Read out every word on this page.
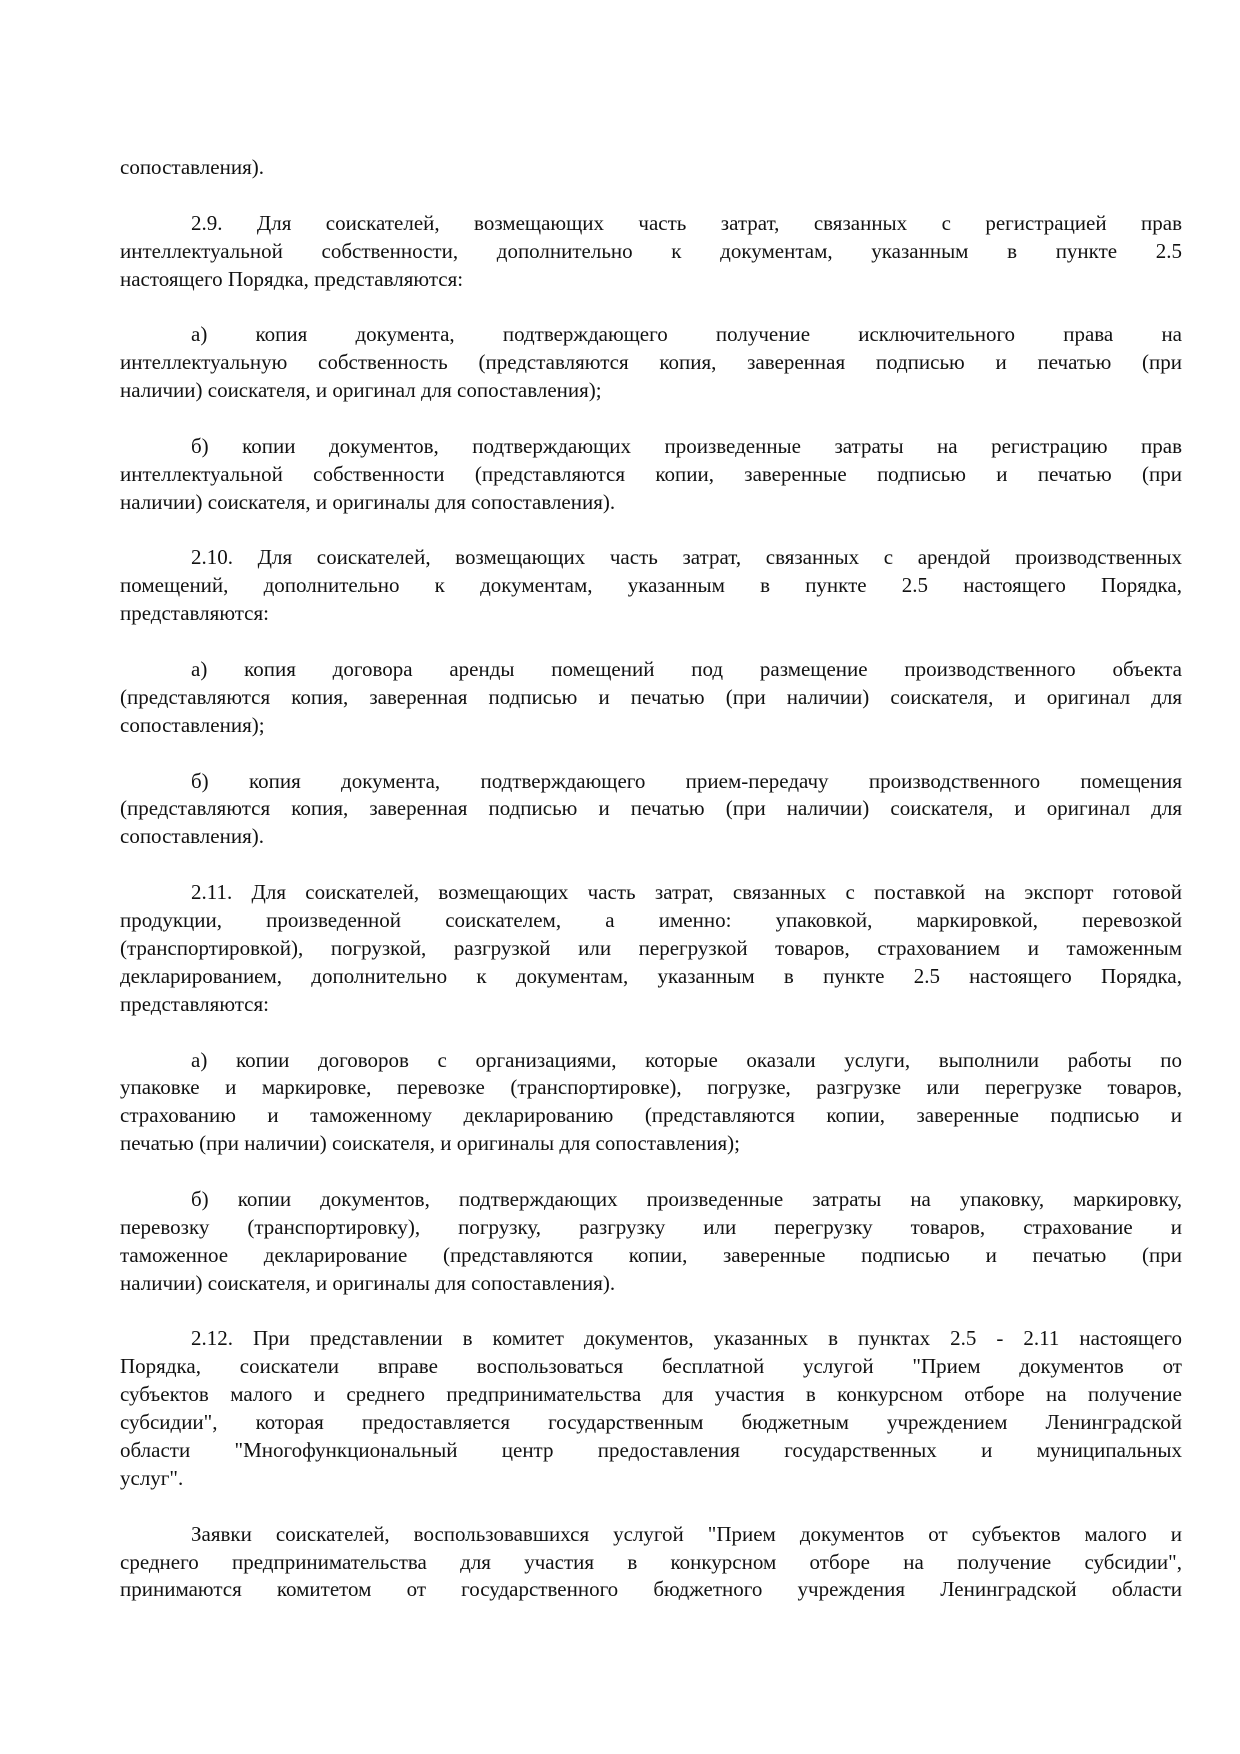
сопоставления).
2.9. Для соискателей, возмещающих часть затрат, связанных с регистрацией прав
интеллектуальной собственности, дополнительно к документам, указанным в пункте 2.5
настоящего Порядка, представляются:
а) копия документа, подтверждающего получение исключительного права на
интеллектуальную собственность (представляются копия, заверенная подписью и печатью (при
наличии) соискателя, и оригинал для сопоставления);
б) копии документов, подтверждающих произведенные затраты на регистрацию прав
интеллектуальной собственности (представляются копии, заверенные подписью и печатью (при
наличии) соискателя, и оригиналы для сопоставления).
2.10. Для соискателей, возмещающих часть затрат, связанных с арендой производственных
помещений, дополнительно к документам, указанным в пункте 2.5 настоящего Порядка,
представляются:
а) копия договора аренды помещений под размещение производственного объекта
(представляются копия, заверенная подписью и печатью (при наличии) соискателя, и оригинал для
сопоставления);
б) копия документа, подтверждающего прием-передачу производственного помещения
(представляются копия, заверенная подписью и печатью (при наличии) соискателя, и оригинал для
сопоставления).
2.11. Для соискателей, возмещающих часть затрат, связанных с поставкой на экспорт готовой
продукции, произведенной соискателем, а именно: упаковкой, маркировкой, перевозкой
(транспортировкой), погрузкой, разгрузкой или перегрузкой товаров, страхованием и таможенным
декларированием, дополнительно к документам, указанным в пункте 2.5 настоящего Порядка,
представляются:
а) копии договоров с организациями, которые оказали услуги, выполнили работы по
упаковке и маркировке, перевозке (транспортировке), погрузке, разгрузке или перегрузке товаров,
страхованию и таможенному декларированию (представляются копии, заверенные подписью и
печатью (при наличии) соискателя, и оригиналы для сопоставления);
б) копии документов, подтверждающих произведенные затраты на упаковку, маркировку,
перевозку (транспортировку), погрузку, разгрузку или перегрузку товаров, страхование и
таможенное декларирование (представляются копии, заверенные подписью и печатью (при
наличии) соискателя, и оригиналы для сопоставления).
2.12. При представлении в комитет документов, указанных в пунктах 2.5 - 2.11 настоящего
Порядка, соискатели вправе воспользоваться бесплатной услугой "Прием документов от
субъектов малого и среднего предпринимательства для участия в конкурсном отборе на получение
субсидии", которая предоставляется государственным бюджетным учреждением Ленинградской
области "Многофункциональный центр предоставления государственных и муниципальных
услуг".
Заявки соискателей, воспользовавшихся услугой "Прием документов от субъектов малого и
среднего предпринимательства для участия в конкурсном отборе на получение субсидии",
принимаются комитетом от государственного бюджетного учреждения Ленинградской области
